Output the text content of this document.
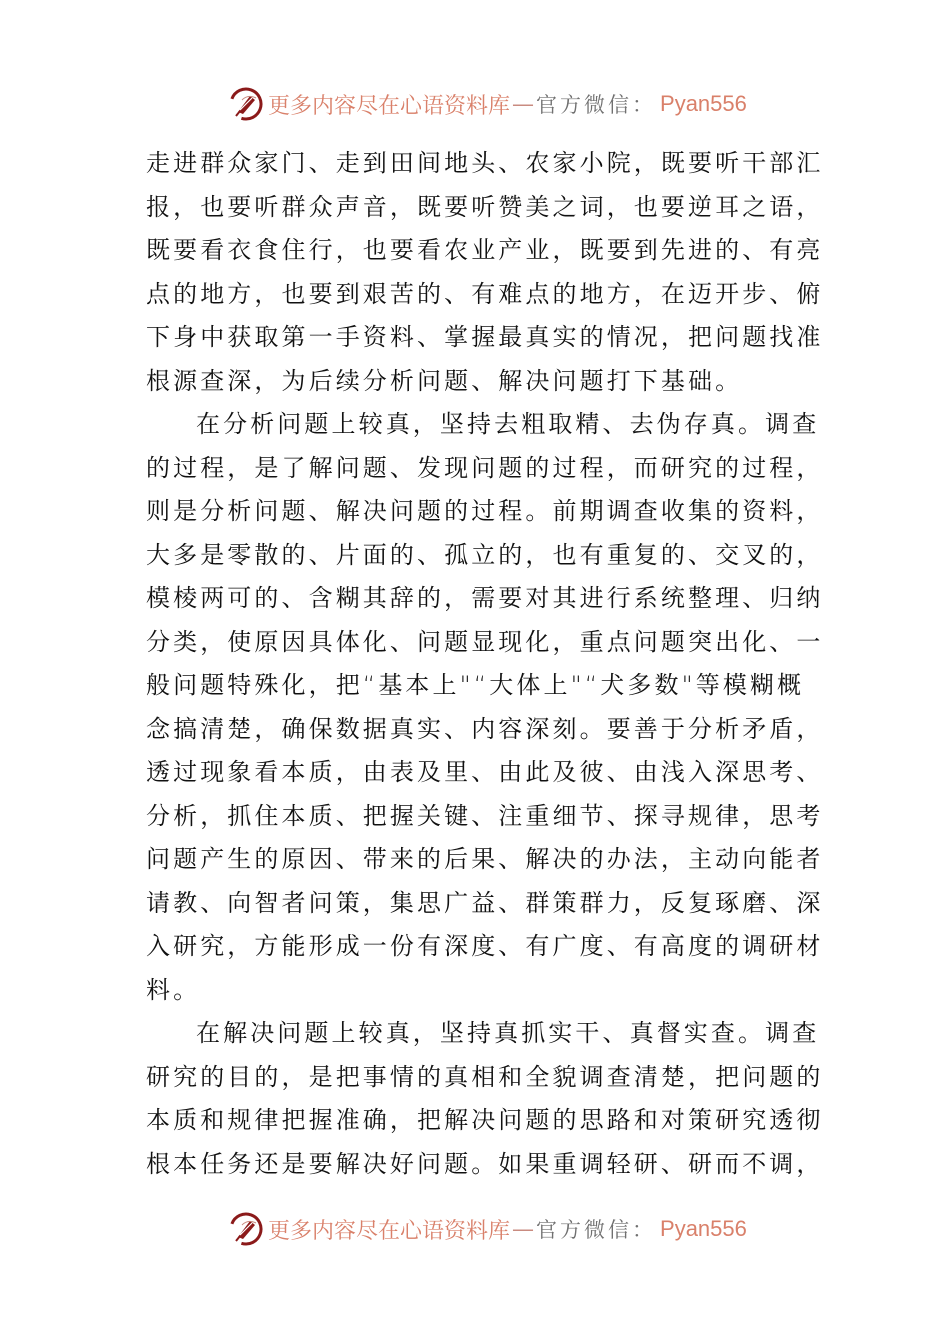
更多内容尽在心语资料库 — 官方微信： Pyan556
走进群众家门、走到田间地头、农家小院，既要听干部汇
报，也要听群众声音，既要听赞美之词，也要逆耳之语，
既要看衣食住行，也要看农业产业，既要到先进的、有亮
点的地方，也要到艰苦的、有难点的地方，在迈开步、俯
下身中获取第一手资料、掌握最真实的情况，把问题找准
根源查深，为后续分析问题、解决问题打下基础。
在分析问题上较真，坚持去粗取精、去伪存真。调查
的过程，是了解问题、发现问题的过程，而研究的过程，
则是分析问题、解决问题的过程。前期调查收集的资料，
大多是零散的、片面的、孤立的，也有重复的、交叉的，
模棱两可的、含糊其辞的，需要对其进行系统整理、归纳
分类，使原因具体化、问题显现化，重点问题突出化、一
般问题特殊化，把“基本上"“大体上"“犬多数"等模糊概
念搞清楚，确保数据真实、内容深刻。要善于分析矛盾，
透过现象看本质，由表及里、由此及彼、由浅入深思考、
分析，抓住本质、把握关键、注重细节、探寻规律，思考
问题产生的原因、带来的后果、解决的办法，主动向能者
请教、向智者问策，集思广益、群策群力，反复琢磨、深
入研究，方能形成一份有深度、有广度、有高度的调研材
料。
在解决问题上较真，坚持真抓实干、真督实查。调查
研究的目的，是把事情的真相和全貌调查清楚，把问题的
本质和规律把握准确，把解决问题的思路和对策研究透彻
根本任务还是要解决好问题。如果重调轻研、研而不调，
更多内容尽在心语资料库 — 官方微信： Pyan556
